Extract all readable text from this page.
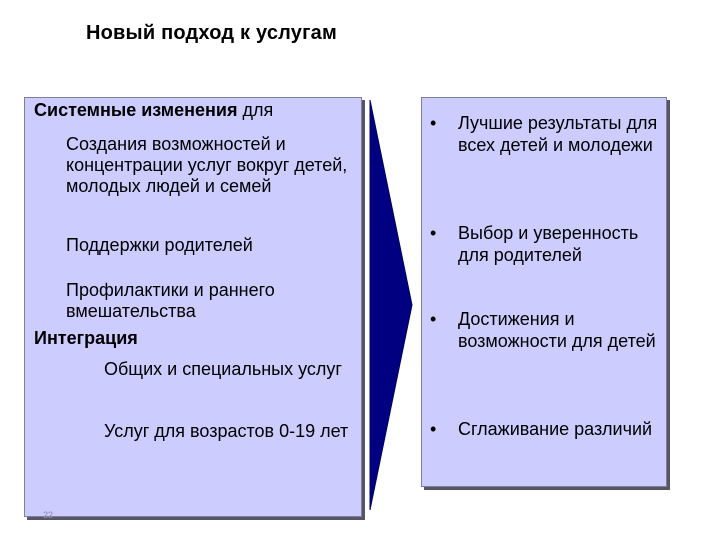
Новый подход к услугам
Системные изменения для
Создания возможностей и концентрации услуг вокруг детей, молодых людей и семей
Поддержки родителей
Профилактики и раннего вмешательства
Интеграция
Общих и специальных услуг
Услуг для возрастов 0-19 лет
•	Лучшие результаты для всех детей и молодежи
•	Выбор и уверенность для родителей
•	Достижения и возможности для детей
•	Сглаживание различий
22
